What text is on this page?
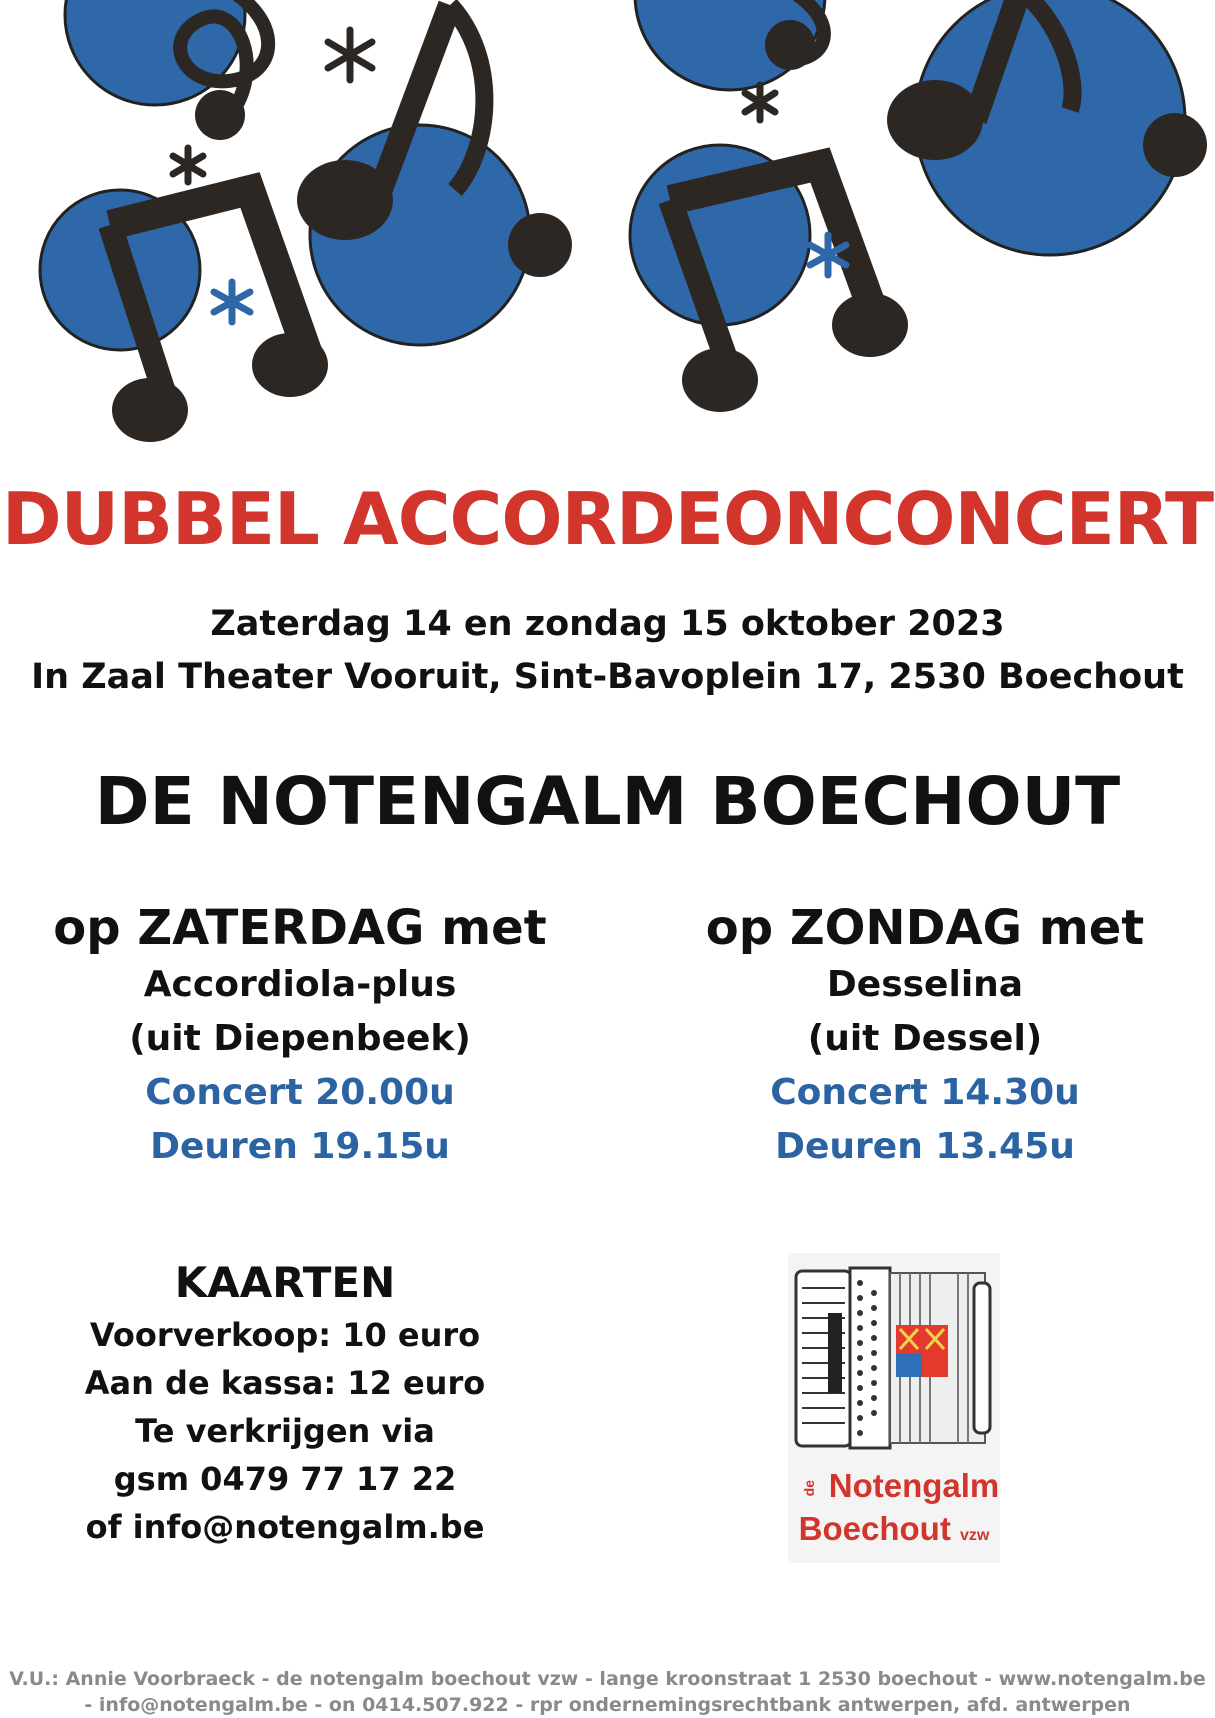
DUBBEL ACCORDEONCONCERT
Zaterdag 14 en zondag 15 oktober 2023
In Zaal Theater Vooruit, Sint-Bavoplein 17, 2530 Boechout
DE NOTENGALM BOECHOUT
op ZATERDAG met
Accordiola-plus
(uit Diepenbeek)
Concert 20.00u
Deuren 19.15u
op ZONDAG met
Desselina
(uit Dessel)
Concert 14.30u
Deuren 13.45u
KAARTEN
Voorverkoop: 10 euro
Aan de kassa: 12 euro
Te verkrijgen via
gsm 0479 77 17 22
of info@notengalm.be
de Notengalm
Boechout vzw
V.U.: Annie Voorbraeck - de notengalm boechout vzw - lange kroonstraat 1 2530 boechout - www.notengalm.be
- info@notengalm.be - on 0414.507.922 - rpr ondernemingsrechtbank antwerpen, afd. antwerpen
